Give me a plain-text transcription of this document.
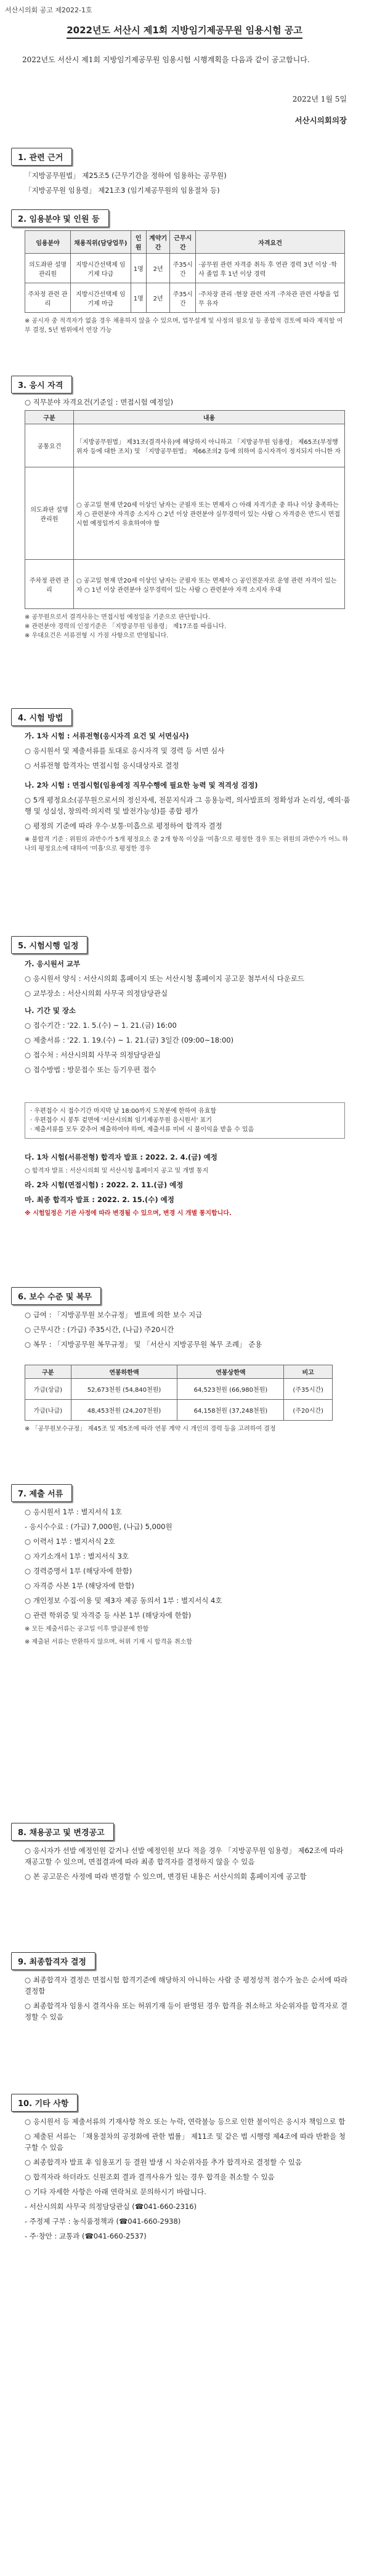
서산시의회 공고 제2022-1호
2022년도 서산시 제1회 지방임기제공무원 임용시험 공고
2022년도 서산시 제1회 지방임기제공무원 임용시험 시행계획을 다음과 같이 공고합니다.
2022년 1월 5일
서산시의회의장
1. 관련 근거

「지방공무원법」 제25조5 (근무기간을 정하여 임용하는 공무원)

「지방공무원 임용령」 제21조3 (임기제공무원의 임용절차 등)

2. 임용분야 및 인원 등
임용분야	채용직위(담당업무)	인원	계약기간	근무시간	자격요건
의도좌판 설명관리원	지방시간선택제 임기제 다급	1명	2년	주35시간	·공무원 관련 자격증 취득 후 연관 경력 3년 이상 ·학사 졸업 후 1년 이상 경력
주차정 관련 관리	지방시간선택제 임기제 마급	1명	2년	주35시간	·주차장 관리 ·현장 관련 자격 ·주차관 관련 사항을 업무 유자
※ 공시자 중 적격자가 없을 경우 채용하지 않을 수 있으며, 업무설계 및 사정의 필요성 등 종합적 검토에 따라 재직할 여부 결정, 5년 범위에서 연장 가능
3. 응시 자격
○ 직무분야 자격요건(기준일 : 면접시험 예정일)
구분	내용
공통요건	「지방공무원법」 제31조(결격사유)에 해당하지 아니하고 「지방공무원 임용령」 제65조(부정행위자 등에 대한 조치) 및 「지방공무원법」 제66조의2 등에 의하여 응시자격이 정지되지 아니한 자
의도좌판 설명관리원	○ 공고일 현재 만20세 이상인 남자는 군필자 또는 면제자 ○ 아래 자격기준 중 하나 이상 충족하는 자 ○ 관련분야 자격증 소지자 ○ 2년 이상 관련분야 실무경력이 있는 사람 ○ 자격증은 반드시 면접시험 예정일까지 유효하여야 함
주차정 관련 관리	○ 공고일 현재 만20세 이상인 남자는 군필자 또는 면제자 ○ 공인전문자로 운영 관련 자격이 있는 자 ○ 1년 이상 관련분야 실무경력이 있는 사람 ○ 관련분야 자격 소지자 우대
※ 공무원으로서 결격사유는 면접시험 예정일을 기준으로 판단합니다.
※ 관련분야 경력의 인정기준은 「지방공무원 임용령」 제17조를 따릅니다.
※ 우대요건은 서류전형 시 가점 사항으로 반영됩니다.
4. 시험 방법

가. 1차 시험 : 서류전형(응시자격 요건 및 서면심사)

○ 응시원서 및 제출서류를 토대로 응시자격 및 경력 등 서면 심사

○ 서류전형 합격자는 면접시험 응시대상자로 결정

나. 2차 시험 : 면접시험(임용예정 직무수행에 필요한 능력 및 적격성 검정)

○ 5개 평정요소(공무원으로서의 정신자세, 전문지식과 그 응용능력, 의사발표의 정확성과 논리성, 예의·품행 및 성실성, 창의력·의지력 및 발전가능성)를 종합 평가

○ 평정의 기준에 따라 우수·보통·미흡으로 평정하여 합격자 결정

※ 불합격 기준 : 위원의 과반수가 5개 평정요소 중 2개 항목 이상을 '미흡'으로 평정한 경우 또는 위원의 과반수가 어느 하나의 평정요소에 대하여 '미흡'으로 평정한 경우

5. 시험시행 일정

가. 응시원서 교부

○ 응시원서 양식 : 서산시의회 홈페이지 또는 서산시청 홈페이지 공고문 첨부서식 다운로드

○ 교부장소 : 서산시의회 사무국 의정담당관실

나. 기간 및 장소

○ 접수기간 : '22. 1. 5.(수) ~ 1. 21.(금) 16:00

○ 제출서류 : '22. 1. 19.(수) ~ 1. 21.(금) 3일간 (09:00~18:00)

○ 접수처 : 서산시의회 사무국 의정담당관실

○ 접수방법 : 방문접수 또는 등기우편 접수

· 우편접수 시 접수기간 마지막 날 18:00까지 도착분에 한하여 유효함
· 우편접수 시 봉투 겉면에 '서산시의회 임기제공무원 응시원서' 표기
· 제출서류를 모두 갖추어 제출하여야 하며, 제출서류 미비 시 불이익을 받을 수 있음

다. 1차 시험(서류전형) 합격자 발표 : 2022. 2. 4.(금) 예정

○ 합격자 발표 : 서산시의회 및 서산시청 홈페이지 공고 및 개별 통지

라. 2차 시험(면접시험) : 2022. 2. 11.(금) 예정

마. 최종 합격자 발표 : 2022. 2. 15.(수) 예정

※ 시험일정은 기관 사정에 따라 변경될 수 있으며, 변경 시 개별 통지합니다.

6. 보수 수준 및 복무

○ 급여 : 「지방공무원 보수규정」 별표에 의한 보수 지급

○ 근무시간 : (가급) 주35시간, (나급) 주20시간

○ 복무 : 「지방공무원 복무규정」 및 「서산시 지방공무원 복무 조례」 준용

구분	연봉하한액	연봉상한액	비고
가급(상급)	52,673천원 (54,840천원)	64,523천원 (66,980천원)	(주35시간)
가급(나급)	48,453천원 (24,207천원)	64,158천원 (37,248천원)	(주20시간)
※ 「공무원보수규정」 제45조 및 제5조에 따라 연봉 계약 시 개인의 경력 등을 고려하여 결정
7. 제출 서류

○ 응시원서 1부 : 별지서식 1호

- 응시수수료 : (가급) 7,000원, (나급) 5,000원

○ 이력서 1부 : 별지서식 2호

○ 자기소개서 1부 : 별지서식 3호

○ 경력증명서 1부 (해당자에 한함)

○ 자격증 사본 1부 (해당자에 한함)

○ 개인정보 수집·이용 및 제3자 제공 동의서 1부 : 별지서식 4호

○ 관련 학위증 및 자격증 등 사본 1부 (해당자에 한함)

※ 모든 제출서류는 공고일 이후 발급분에 한함

※ 제출된 서류는 반환하지 않으며, 허위 기재 시 합격을 취소함

8. 채용공고 및 변경공고

○ 응시자가 선발 예정인원 같거나 선발 예정인원 보다 적을 경우 「지방공무원 임용령」 제62조에 따라 재공고할 수 있으며, 면접결과에 따라 최종 합격자를 결정하지 않을 수 있음

○ 본 공고문은 사정에 따라 변경할 수 있으며, 변경된 내용은 서산시의회 홈페이지에 공고함

9. 최종합격자 결정

○ 최종합격자 결정은 면접시험 합격기준에 해당하지 아니하는 사람 중 평정성적 점수가 높은 순서에 따라 결정함

○ 최종합격자 임용시 결격사유 또는 허위기재 등이 판명된 경우 합격을 취소하고 차순위자를 합격자로 결정할 수 있음

10. 기타 사항

○ 응시원서 등 제출서류의 기재사항 착오 또는 누락, 연락불능 등으로 인한 불이익은 응시자 책임으로 함

○ 제출된 서류는 「채용절차의 공정화에 관한 법률」 제11조 및 같은 법 시행령 제4조에 따라 반환을 청구할 수 있음

○ 최종합격자 발표 후 임용포기 등 결원 발생 시 차순위자를 추가 합격자로 결정할 수 있음

○ 합격자라 하더라도 신원조회 결과 결격사유가 있는 경우 합격을 취소할 수 있음

○ 기타 자세한 사항은 아래 연락처로 문의하시기 바랍니다.

- 서산시의회 사무국 의정담당관실 (☎041-660-2316)

- 주정제 구부 : 농식품정책과 (☎041-660-2938)

- 주·창안 : 교통과 (☎041-660-2537)
